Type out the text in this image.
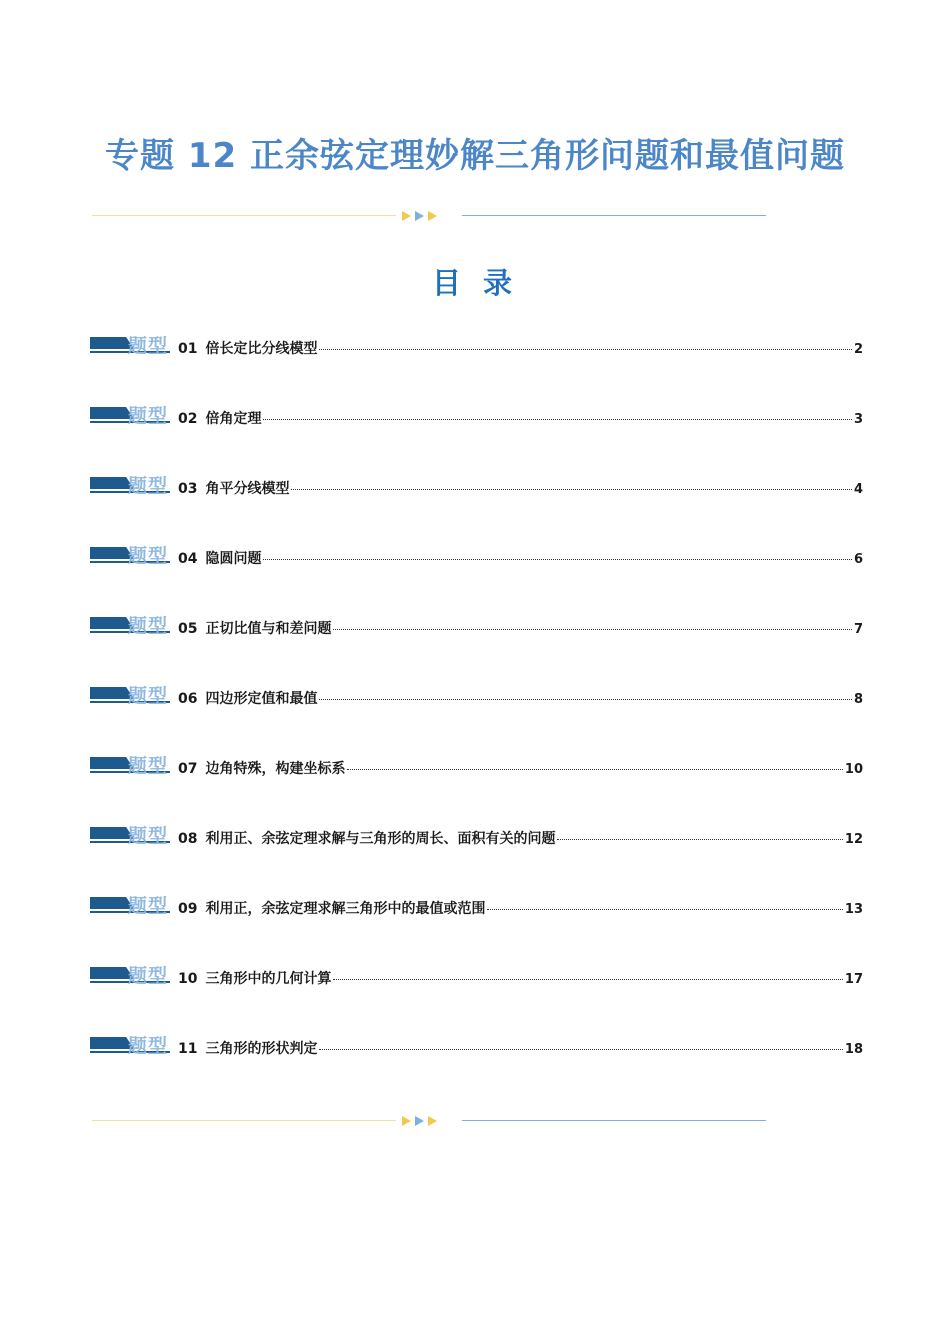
专题 12 正余弦定理妙解三角形问题和最值问题
目 录
题型 01 倍长定比分线模型	2
题型 02 倍角定理	3
题型 03 角平分线模型	4
题型 04 隐圆问题	6
题型 05 正切比值与和差问题	7
题型 06 四边形定值和最值	8
题型 07 边角特殊，构建坐标系	10
题型 08 利用正、余弦定理求解与三角形的周长、面积有关的问题	12
题型 09 利用正，余弦定理求解三角形中的最值或范围	13
题型 10 三角形中的几何计算	17
题型 11 三角形的形状判定	18
